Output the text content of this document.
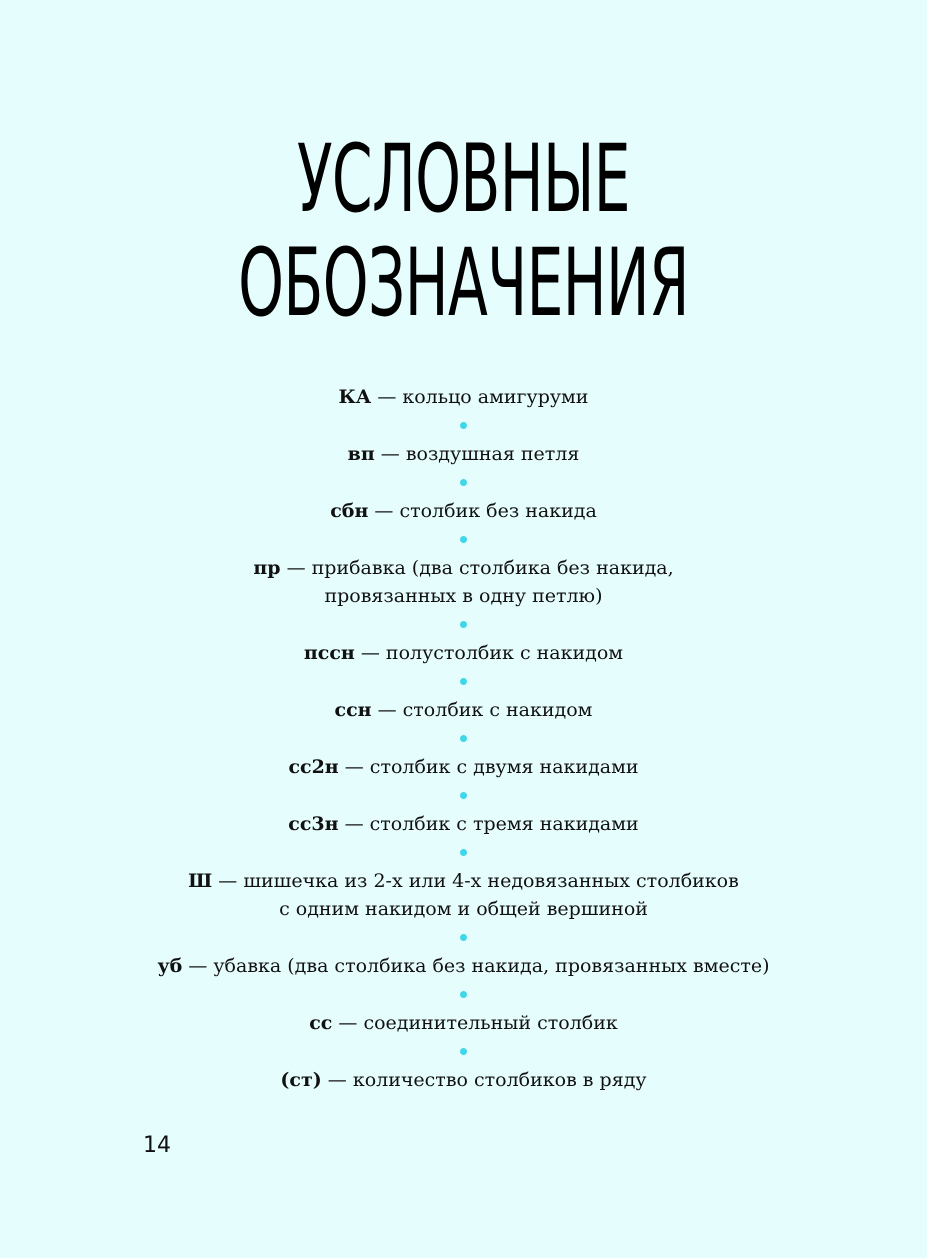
УСЛОВНЫЕ
ОБОЗНАЧЕНИЯ

КА — кольцо амигуруми

вп — воздушная петля

сбн — столбик без накида

пр — прибавка (два столбика без накида,
провязанных в одну петлю)

пссн — полустолбик с накидом

ссн — столбик с накидом

сс2н — столбик с двумя накидами

сс3н — столбик с тремя накидами

Ш — шишечка из 2-х или 4-х недовязанных столбиков
с одним накидом и общей вершиной

уб — убавка (два столбика без накида, провязанных вместе)

сс — соединительный столбик

(ст) — количество столбиков в ряду

14
